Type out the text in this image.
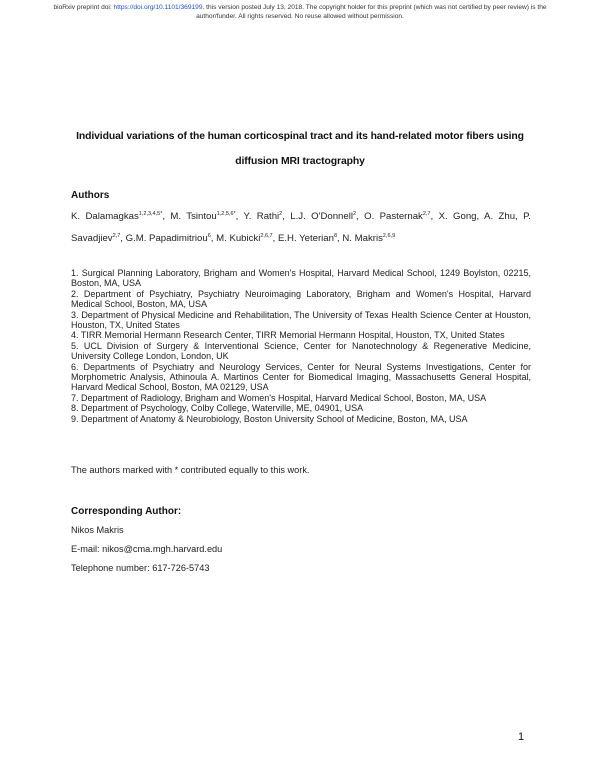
bioRxiv preprint doi: https://doi.org/10.1101/369199. this version posted July 13, 2018. The copyright holder for this preprint (which was not certified by peer review) is the author/funder. All rights reserved. No reuse allowed without permission.
Individual variations of the human corticospinal tract and its hand-related motor fibers using diffusion MRI tractography
Authors
K. Dalamagkas$^{1,2,3,4,5*}$, M. Tsintou$^{1,2,5,6*}$, Y. Rathi$^2$, L.J. O'Donnell$^2$, O. Pasternak$^{2,7}$, X. Gong, A. Zhu, P. Savadjiev$^{2,7}$, G.M. Papadimitriou$^6$, M. Kubicki$^{2,6,7}$, E.H. Yeterian$^8$, N. Makris$^{2,6,9}$

1. Surgical Planning Laboratory, Brigham and Women's Hospital, Harvard Medical School, 1249 Boylston, 02215, Boston, MA, USA

2. Department of Psychiatry, Psychiatry Neuroimaging Laboratory, Brigham and Women's Hospital, Harvard Medical School, Boston, MA, USA

3. Department of Physical Medicine and Rehabilitation, The University of Texas Health Science Center at Houston, Houston, TX, United States

4. TIRR Memorial Hermann Research Center, TIRR Memorial Hermann Hospital, Houston, TX, United States

5. UCL Division of Surgery & Interventional Science, Center for Nanotechnology & Regenerative Medicine, University College London, London, UK

6. Departments of Psychiatry and Neurology Services, Center for Neural Systems Investigations, Center for Morphometric Analysis, Athinoula A. Martinos Center for Biomedical Imaging, Massachusetts General Hospital, Harvard Medical School, Boston, MA 02129, USA

7. Department of Radiology, Brigham and Women's Hospital, Harvard Medical School, Boston, MA, USA

8. Department of Psychology, Colby College, Waterville, ME, 04901, USA

9. Department of Anatomy & Neurobiology, Boston University School of Medicine, Boston, MA, USA

The authors marked with * contributed equally to this work.
Corresponding Author:
Nikos Makris
E-mail: nikos@cma.mgh.harvard.edu
Telephone number: 617-726-5743
1
